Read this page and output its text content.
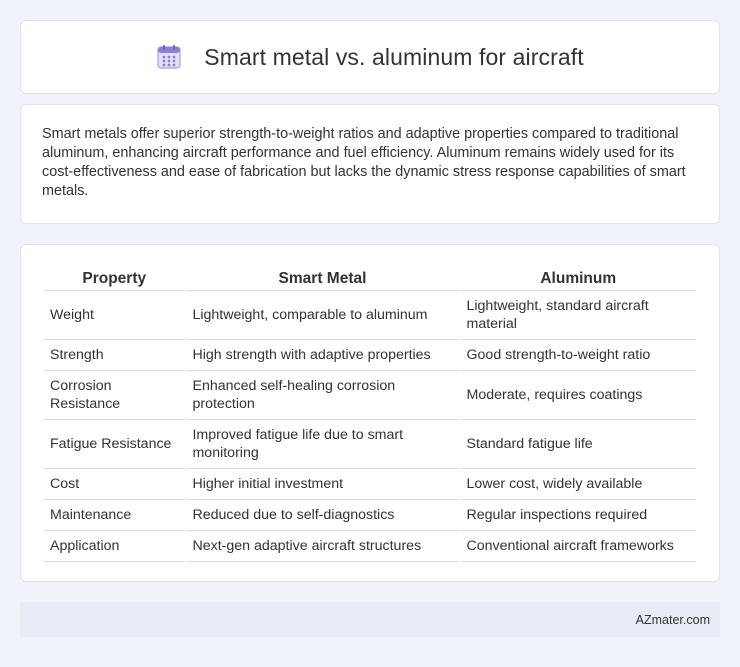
Smart metal vs. aluminum for aircraft

Smart metals offer superior strength-to-weight ratios and adaptive properties compared to traditional aluminum, enhancing aircraft performance and fuel efficiency. Aluminum remains widely used for its cost-effectiveness and ease of fabrication but lacks the dynamic stress response capabilities of smart metals.

Property	Smart Metal	Aluminum
Weight	Lightweight, comparable to aluminum	Lightweight, standard aircraft material
Strength	High strength with adaptive properties	Good strength-to-weight ratio
Corrosion Resistance	Enhanced self-healing corrosion protection	Moderate, requires coatings
Fatigue Resistance	Improved fatigue life due to smart monitoring	Standard fatigue life
Cost	Higher initial investment	Lower cost, widely available
Maintenance	Reduced due to self-diagnostics	Regular inspections required
Application	Next-gen adaptive aircraft structures	Conventional aircraft frameworks
AZmater.com
